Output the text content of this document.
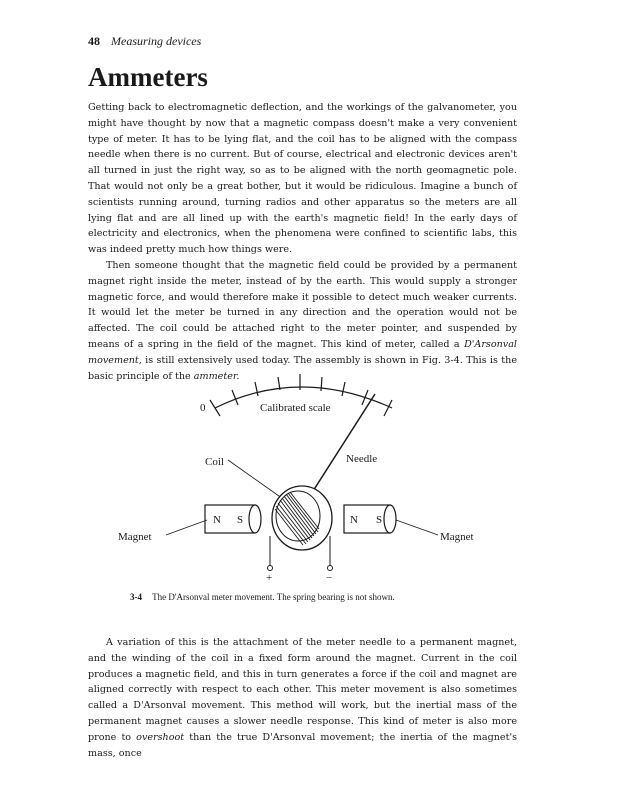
48 Measuring devices
Ammeters

Getting back to electromagnetic deflection, and the workings of the galvanometer, you might have thought by now that a magnetic compass doesn't make a very convenient type of meter. It has to be lying flat, and the coil has to be aligned with the compass needle when there is no current. But of course, electrical and electronic devices aren't all turned in just the right way, so as to be aligned with the north geomagnetic pole. That would not only be a great bother, but it would be ridiculous. Imagine a bunch of scientists running around, turning radios and other apparatus so the meters are all lying flat and are all lined up with the earth's magnetic field! In the early days of electricity and electronics, when the phenomena were confined to scientific labs, this was indeed pretty much how things were.

Then someone thought that the magnetic field could be provided by a permanent magnet right inside the meter, instead of by the earth. This would supply a stronger magnetic force, and would therefore make it possible to detect much weaker currents. It would let the meter be turned in any direction and the operation would not be affected. The coil could be attached right to the meter pointer, and suspended by means of a spring in the field of the magnet. This kind of meter, called a D'Arsonval movement, is still extensively used today. The assembly is shown in Fig. 3-4. This is the basic principle of the ammeter.

0	Calibrated scale
Needle
Coil
+	−
N S
Magnet
N S
Magnet
3-4 The D'Arsonval meter movement. The spring bearing is not shown.

A variation of this is the attachment of the meter needle to a permanent magnet, and the winding of the coil in a fixed form around the magnet. Current in the coil produces a magnetic field, and this in turn generates a force if the coil and magnet are aligned correctly with respect to each other. This meter movement is also sometimes called a D'Arsonval movement. This method will work, but the inertial mass of the permanent magnet causes a slower needle response. This kind of meter is also more prone to overshoot than the true D'Arsonval movement; the inertia of the magnet's mass, once
